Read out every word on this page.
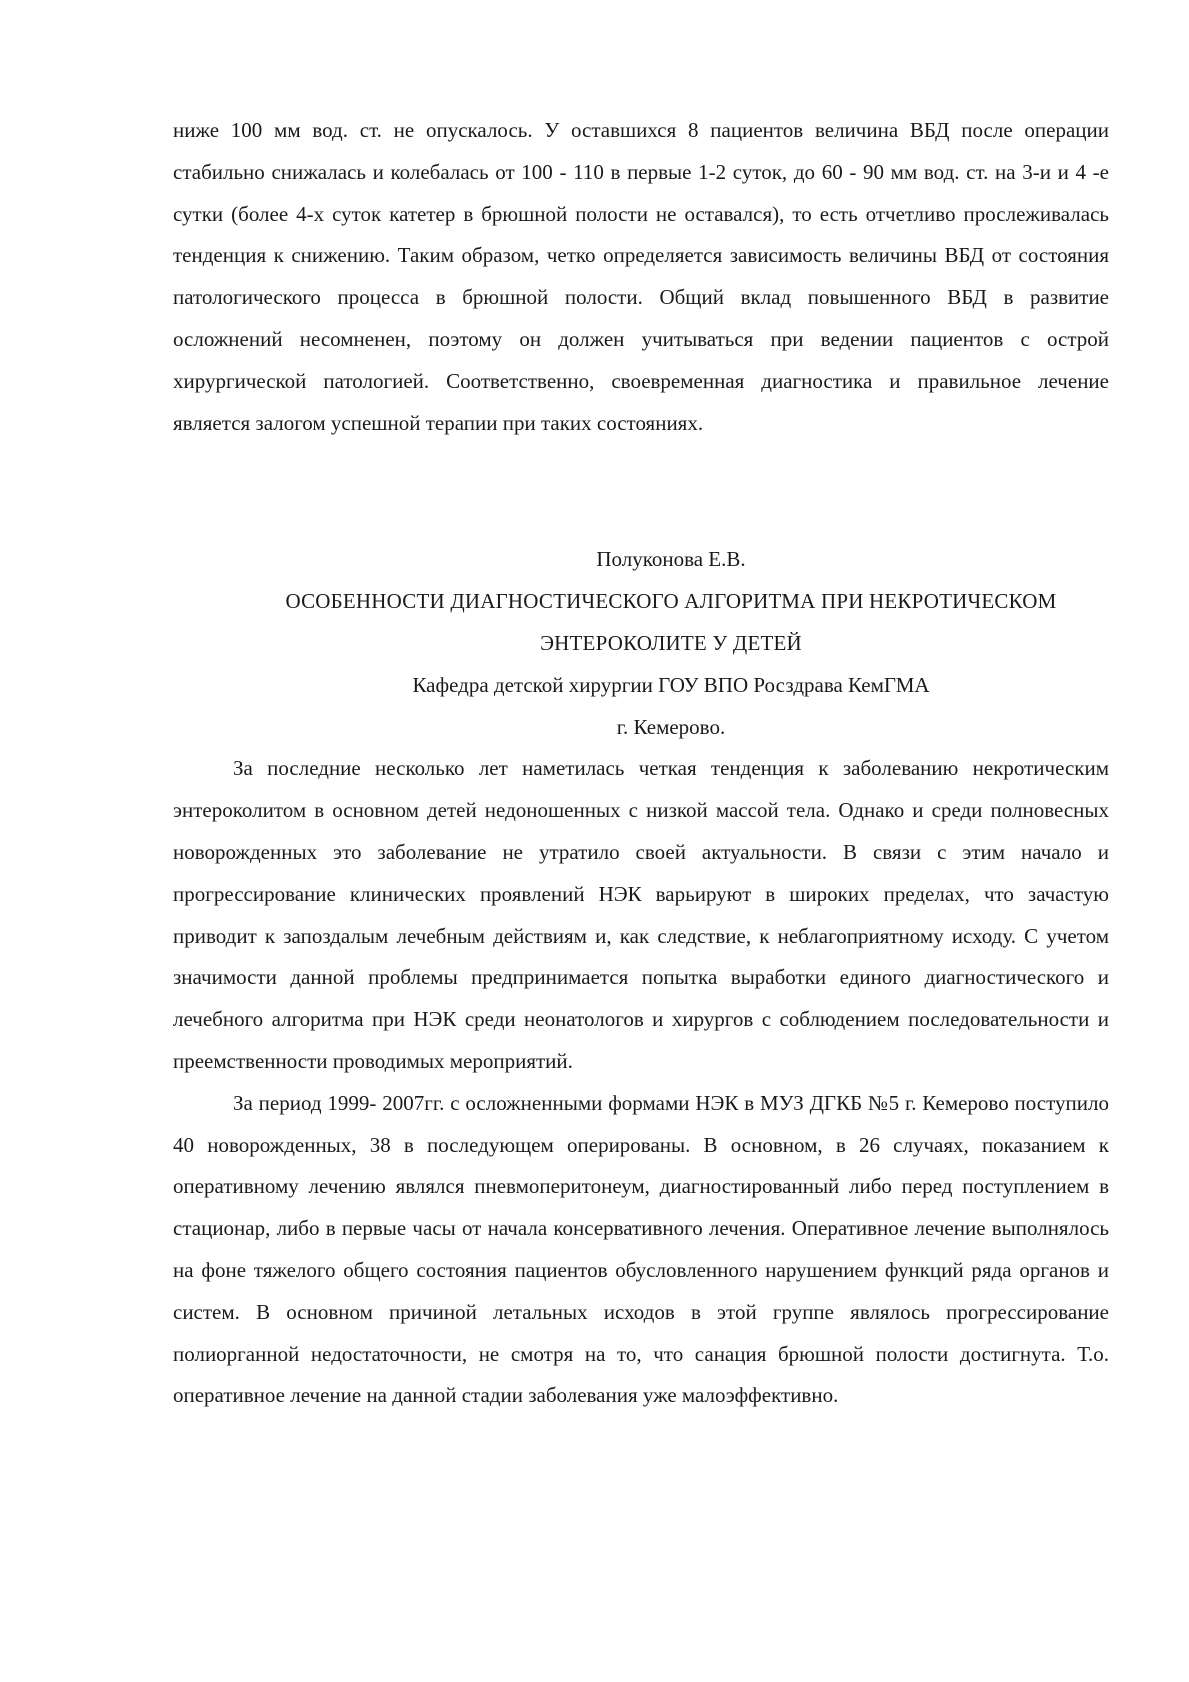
ниже 100 мм вод. ст. не опускалось. У оставшихся 8 пациентов величина ВБД после операции стабильно снижалась и колебалась от 100 - 110 в первые 1-2 суток, до 60 - 90 мм вод. ст. на 3-и и 4 -е сутки (более 4-х суток катетер в брюшной полости не оставался), то есть отчетливо прослеживалась тенденция к снижению. Таким образом, четко определяется зависимость величины ВБД от состояния патологического процесса в брюшной полости. Общий вклад повышенного ВБД в развитие осложнений несомненен, поэтому он должен учитываться при ведении пациентов с острой хирургической патологией. Соответственно, своевременная диагностика и правильное лечение является залогом успешной терапии при таких состояниях.

Полуконова Е.В.

ОСОБЕННОСТИ ДИАГНОСТИЧЕСКОГО АЛГОРИТМА ПРИ НЕКРОТИЧЕСКОМ

ЭНТЕРОКОЛИТЕ У ДЕТЕЙ

Кафедра детской хирургии ГОУ ВПО Росздрава КемГМА

г. Кемерово.

За последние несколько лет наметилась четкая тенденция к заболеванию некротическим энтероколитом в основном детей недоношенных с низкой массой тела. Однако и среди полновесных новорожденных это заболевание не утратило своей актуальности. В связи с этим начало и прогрессирование клинических проявлений НЭК варьируют в широких пределах, что зачастую приводит к запоздалым лечебным действиям и, как следствие, к неблагоприятному исходу. С учетом значимости данной проблемы предпринимается попытка выработки единого диагностического и лечебного алгоритма при НЭК среди неонатологов и хирургов с соблюдением последовательности и преемственности проводимых мероприятий.

За период 1999- 2007гг. с осложненными формами НЭК в МУЗ ДГКБ №5 г. Кемерово поступило 40 новорожденных, 38 в последующем оперированы. В основном, в 26 случаях, показанием к оперативному лечению являлся пневмоперитонеум, диагностированный либо перед поступлением в стационар, либо в первые часы от начала консервативного лечения. Оперативное лечение выполнялось на фоне тяжелого общего состояния пациентов обусловленного нарушением функций ряда органов и систем. В основном причиной летальных исходов в этой группе являлось прогрессирование полиорганной недостаточности, не смотря на то, что санация брюшной полости достигнута. Т.о. оперативное лечение на данной стадии заболевания уже малоэффективно.
